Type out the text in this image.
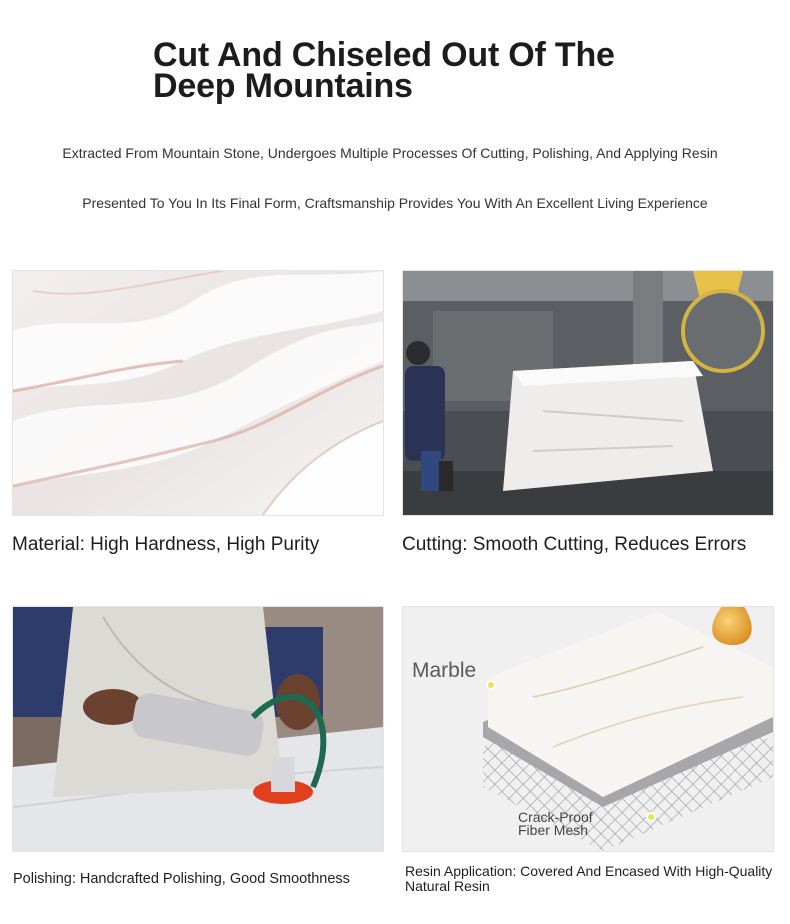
Cut And Chiseled Out Of The
Deep Mountains

Extracted From Mountain Stone, Undergoes Multiple Processes Of Cutting, Polishing, And Applying Resin

Presented To You In Its Final Form, Craftsmanship Provides You With An Excellent Living Experience

Material: High Hardness, High Purity	Cutting: Smooth Cutting, Reduces Errors

Polishing: Handcrafted Polishing, Good Smoothness

Marble

Crack-Proof
Fiber Mesh

Resin Application: Covered And Encased With High-Quality Natural Resin
